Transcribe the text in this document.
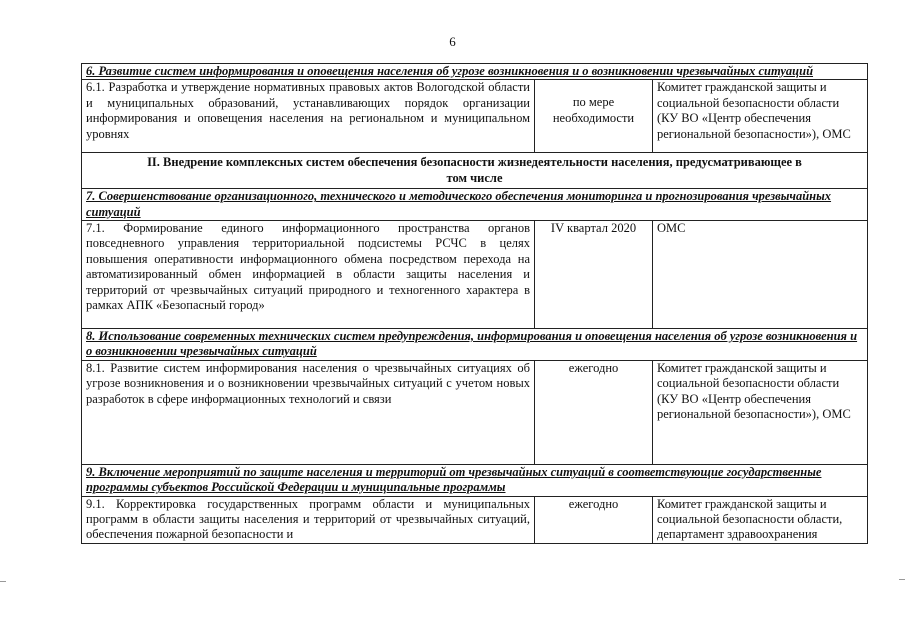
6
6. Развитие систем информирования и оповещения населения об угрозе возникновения и о возникновении чрезвычайных ситуаций		
6.1. Разработка и утверждение нормативных правовых актов Вологодской области и муниципальных образований, устанавливающих порядок организации информирования и оповещения населения на региональном и муниципальном уровнях	по мере необходимости	Комитет гражданской защиты и социальной безопасности области (КУ ВО «Центр обеспечения региональной безопасности»), ОМС
II. Внедрение комплексных систем обеспечения безопасности жизнедеятельности населения, предусматривающее в том числе		
7. Совершенствование организационного, технического и методического обеспечения мониторинга и прогнозирования чрезвычайных ситуаций		
7.1. Формирование единого информационного пространства органов повседневного управления территориальной подсистемы РСЧС в целях повышения оперативности информационного обмена посредством перехода на автоматизированный обмен информацией в области защиты населения и территорий от чрезвычайных ситуаций природного и техногенного характера в рамках АПК «Безопасный город»	IV квартал 2020	ОМС
8. Использование современных технических систем предупреждения, информирования и оповещения населения об угрозе возникновения и о возникновении чрезвычайных ситуаций		
8.1. Развитие систем информирования населения о чрезвычайных ситуациях об угрозе возникновения и о возникновении чрезвычайных ситуаций с учетом новых разработок в сфере информационных технологий и связи	ежегодно	Комитет гражданской защиты и социальной безопасности области (КУ ВО «Центр обеспечения региональной безопасности»), ОМС
9. Включение мероприятий по защите населения и территорий от чрезвычайных ситуаций в соответствующие государственные программы субъектов Российской Федерации и муниципальные программы		
9.1. Корректировка государственных программ области и муниципальных программ в области защиты населения и территорий от чрезвычайных ситуаций, обеспечения пожарной безопасности и	ежегодно	Комитет гражданской защиты и социальной безопасности области, департамент здравоохранения
